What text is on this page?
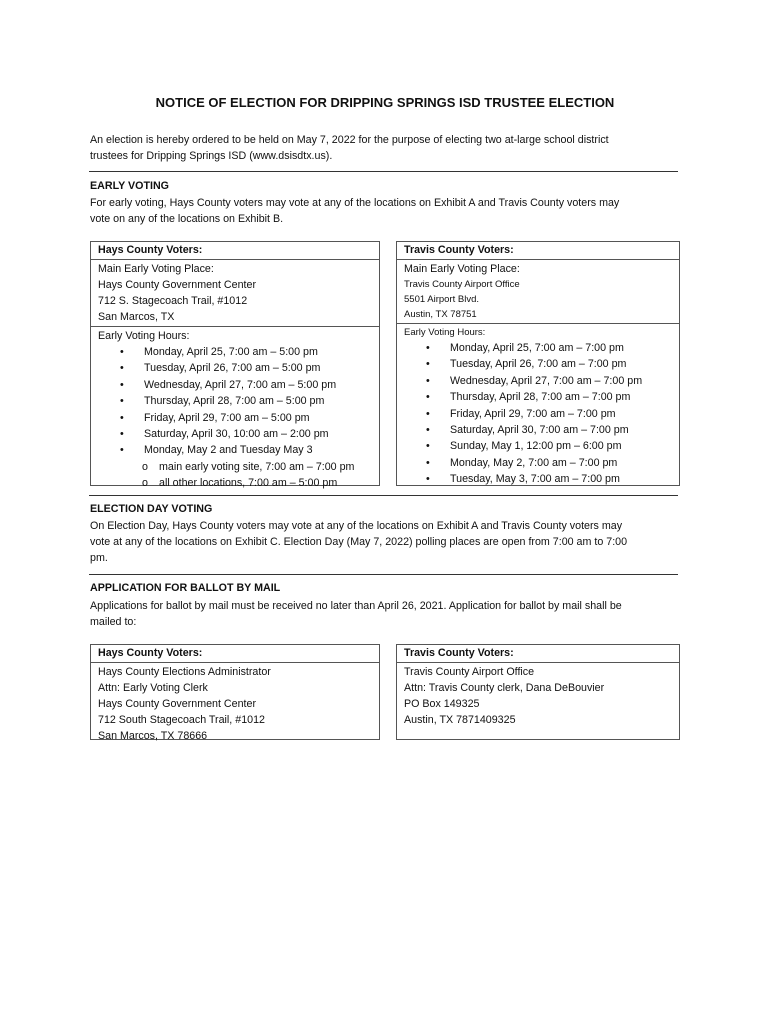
NOTICE OF ELECTION FOR DRIPPING SPRINGS ISD TRUSTEE ELECTION
An election is hereby ordered to be held on May 7, 2022 for the purpose of electing two at-large school district
trustees for Dripping Springs ISD (www.dsisdtx.us).
EARLY VOTING
For early voting, Hays County voters may vote at any of the locations on Exhibit A and Travis County voters may
vote on any of the locations on Exhibit B.
Hays County Voters:
Main Early Voting Place:
Hays County Government Center
712 S. Stagecoach Trail, #1012
San Marcos, TX
Early Voting Hours:
• Monday, April 25, 7:00 am – 5:00 pm
• Tuesday, April 26, 7:00 am – 5:00 pm
• Wednesday, April 27, 7:00 am – 5:00 pm
• Thursday, April 28, 7:00 am – 5:00 pm
• Friday, April 29, 7:00 am – 5:00 pm
• Saturday, April 30, 10:00 am – 2:00 pm
• Monday, May 2 and Tuesday May 3
o main early voting site, 7:00 am – 7:00 pm
o all other locations, 7:00 am – 5:00 pm
Travis County Voters:
Main Early Voting Place:
Travis County Airport Office
5501 Airport Blvd.
Austin, TX 78751
Early Voting Hours:
• Monday, April 25, 7:00 am – 7:00 pm
• Tuesday, April 26, 7:00 am – 7:00 pm
• Wednesday, April 27, 7:00 am – 7:00 pm
• Thursday, April 28, 7:00 am – 7:00 pm
• Friday, April 29, 7:00 am – 7:00 pm
• Saturday, April 30, 7:00 am – 7:00 pm
• Sunday, May 1, 12:00 pm – 6:00 pm
• Monday, May 2, 7:00 am – 7:00 pm
• Tuesday, May 3, 7:00 am – 7:00 pm
ELECTION DAY VOTING
On Election Day, Hays County voters may vote at any of the locations on Exhibit A and Travis County voters may
vote at any of the locations on Exhibit C. Election Day (May 7, 2022) polling places are open from 7:00 am to 7:00
pm.
APPLICATION FOR BALLOT BY MAIL
Applications for ballot by mail must be received no later than April 26, 2021. Application for ballot by mail shall be
mailed to:
Hays County Voters:
Hays County Elections Administrator
Attn: Early Voting Clerk
Hays County Government Center
712 South Stagecoach Trail, #1012
San Marcos, TX 78666
Travis County Voters:
Travis County Airport Office
Attn: Travis County clerk, Dana DeBouvier
PO Box 149325
Austin, TX 7871409325
